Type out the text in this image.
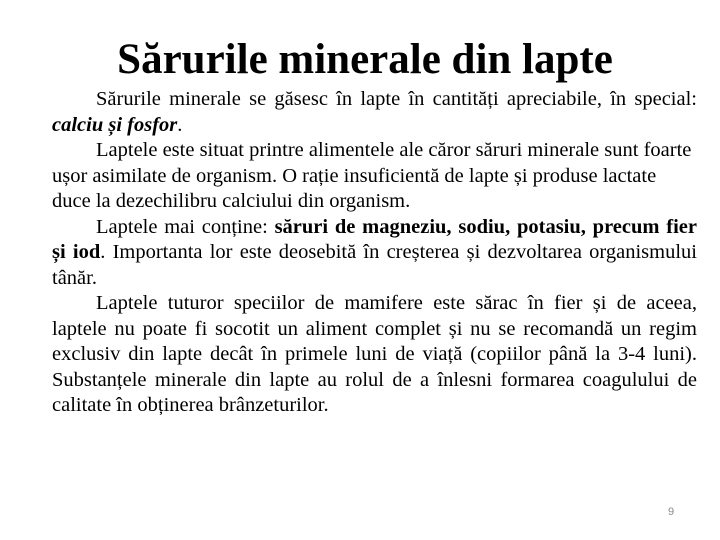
Sărurile minerale din lapte

Sărurile minerale se găsesc în lapte în cantități apreciabile, în special: calciu și fosfor.

Laptele este situat printre alimentele ale căror săruri minerale sunt foarte ușor asimilate de organism. O rație insuficientă de lapte și produse lactate duce la dezechilibru calciului din organism.

Laptele mai conține: săruri de magneziu, sodiu, potasiu, precum fier și iod. Importanta lor este deosebită în creșterea și dezvoltarea organismului tânăr.

Laptele tuturor speciilor de mamifere este sărac în fier și de aceea, laptele nu poate fi socotit un aliment complet și nu se recomandă un regim exclusiv din lapte decât în primele luni de viață (copiilor până la 3-4 luni). Substanțele minerale din lapte au rolul de a înlesni formarea coagulului de calitate în obținerea brânzeturilor.

9
